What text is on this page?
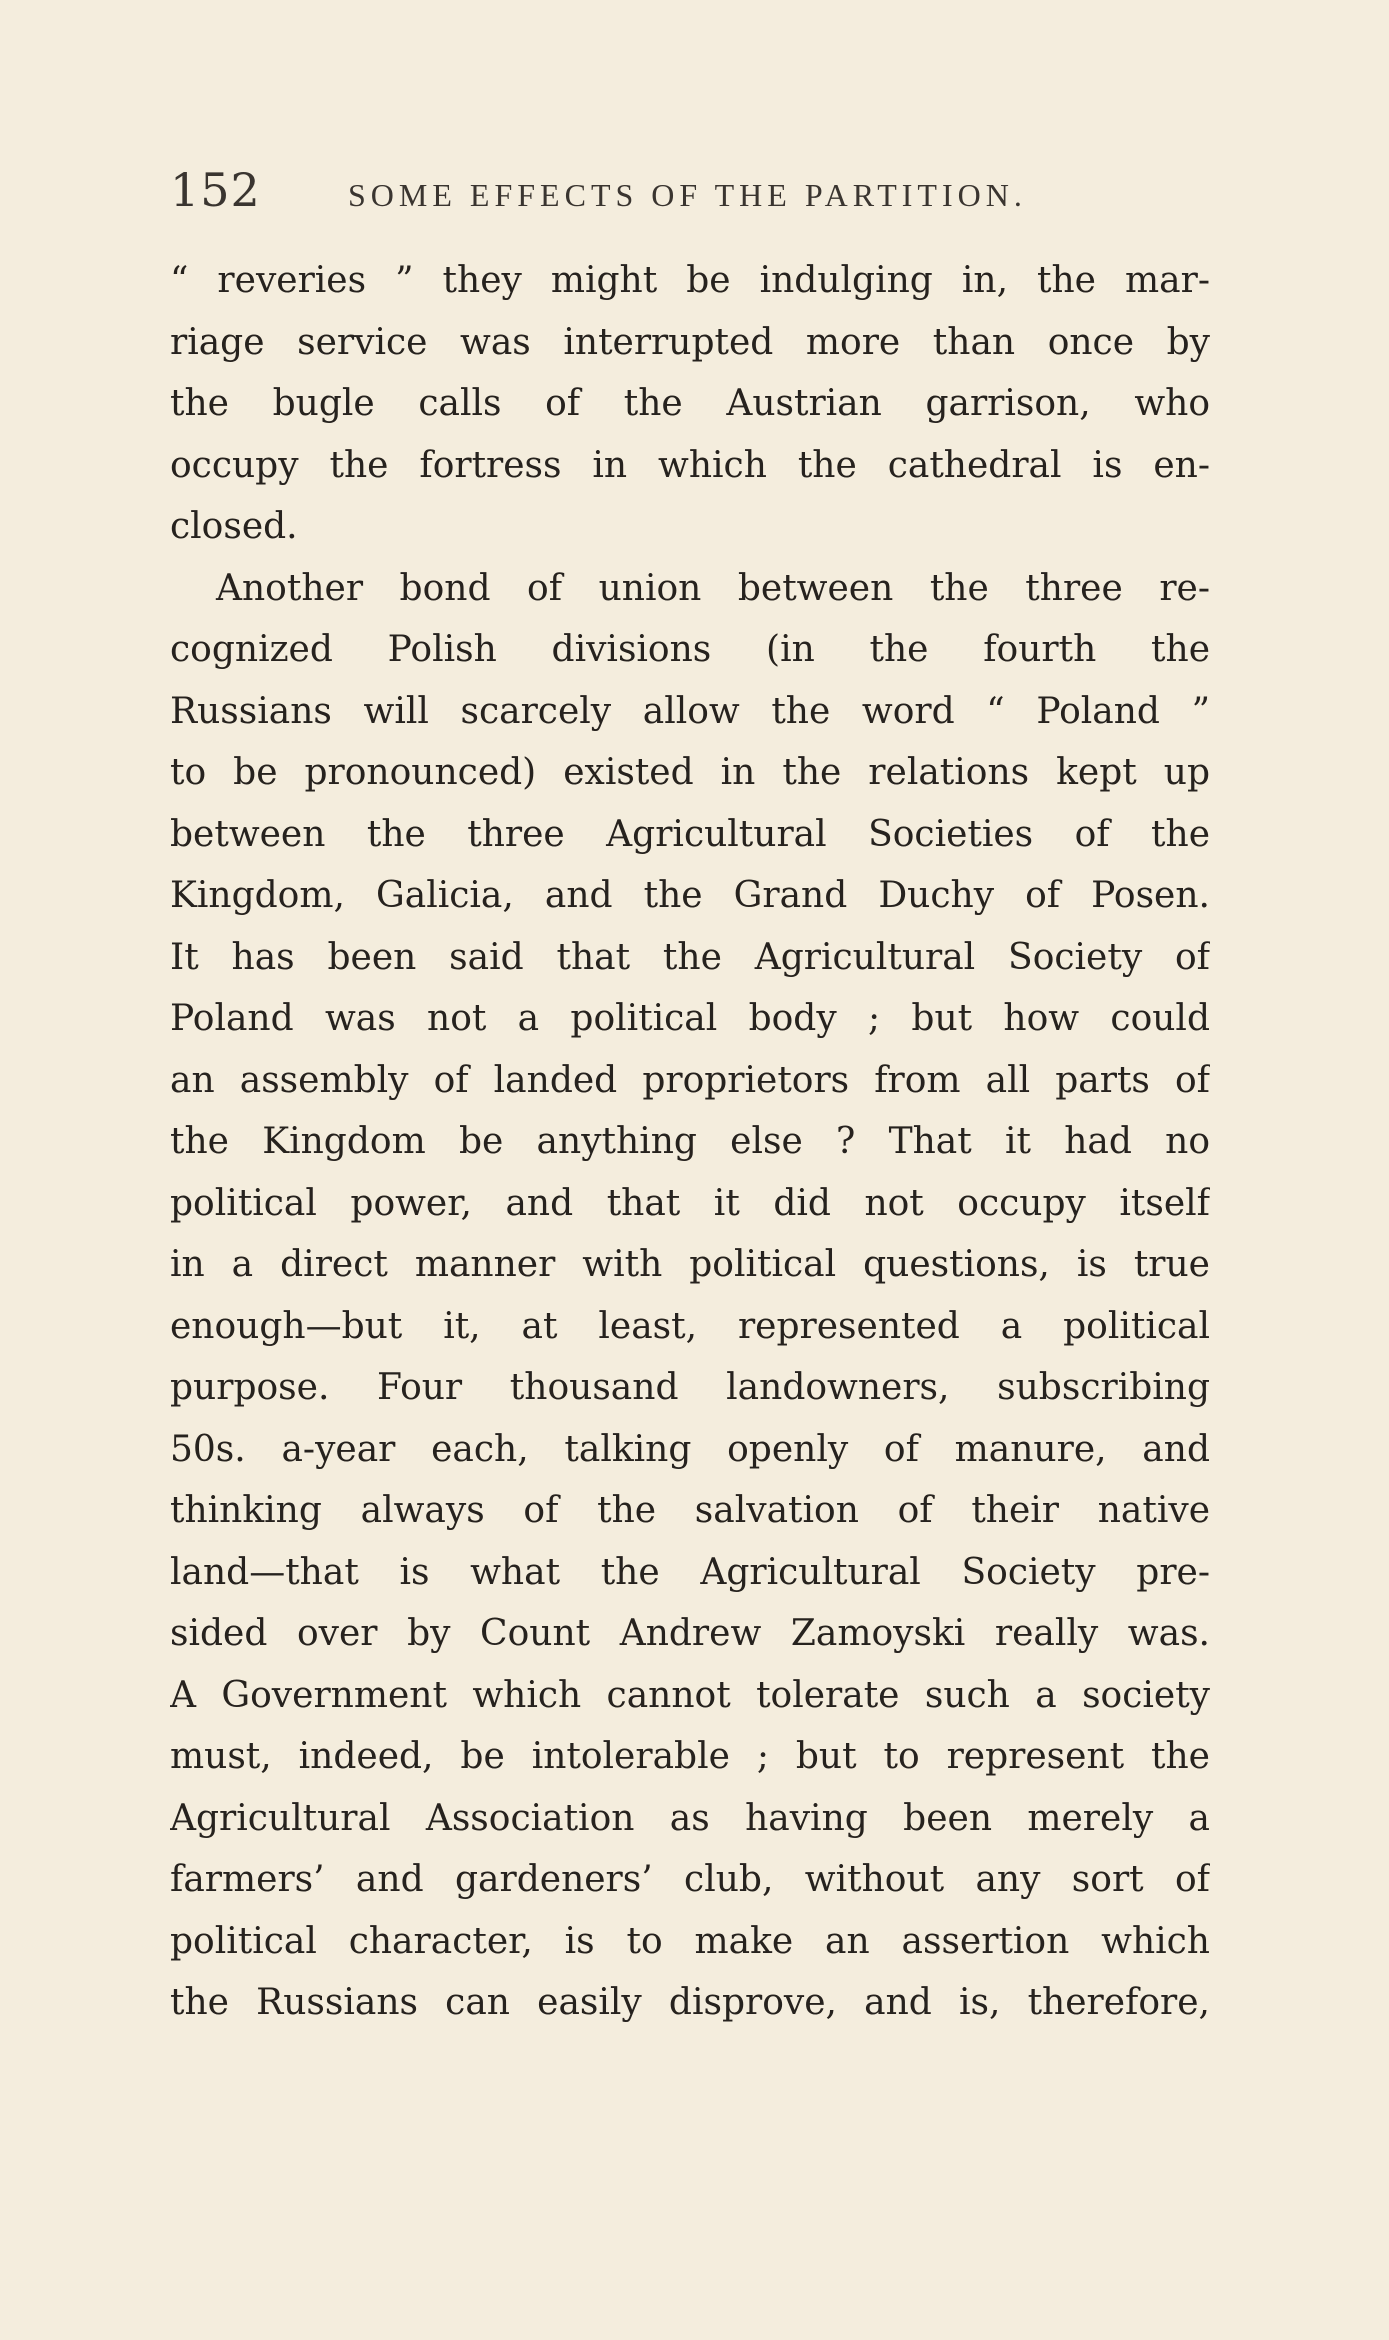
152	SOME EFFECTS OF THE PARTITION.
“ reveries ” they might be indulging in, the mar-
riage service was interrupted more than once by
the bugle calls of the Austrian garrison, who
occupy the fortress in which the cathedral is en-
closed.
Another bond of union between the three re-
cognized Polish divisions (in the fourth the
Russians will scarcely allow the word “ Poland ”
to be pronounced) existed in the relations kept up
between the three Agricultural Societies of the
Kingdom, Galicia, and the Grand Duchy of Posen.
It has been said that the Agricultural Society of
Poland was not a political body ; but how could
an assembly of landed proprietors from all parts of
the Kingdom be anything else ? That it had no
political power, and that it did not occupy itself
in a direct manner with political questions, is true
enough—but it, at least, represented a political
purpose. Four thousand landowners, subscribing
50s. a-year each, talking openly of manure, and
thinking always of the salvation of their native
land—that is what the Agricultural Society pre-
sided over by Count Andrew Zamoyski really was.
A Government which cannot tolerate such a society
must, indeed, be intolerable ; but to represent the
Agricultural Association as having been merely a
farmers’ and gardeners’ club, without any sort of
political character, is to make an assertion which
the Russians can easily disprove, and is, therefore,
